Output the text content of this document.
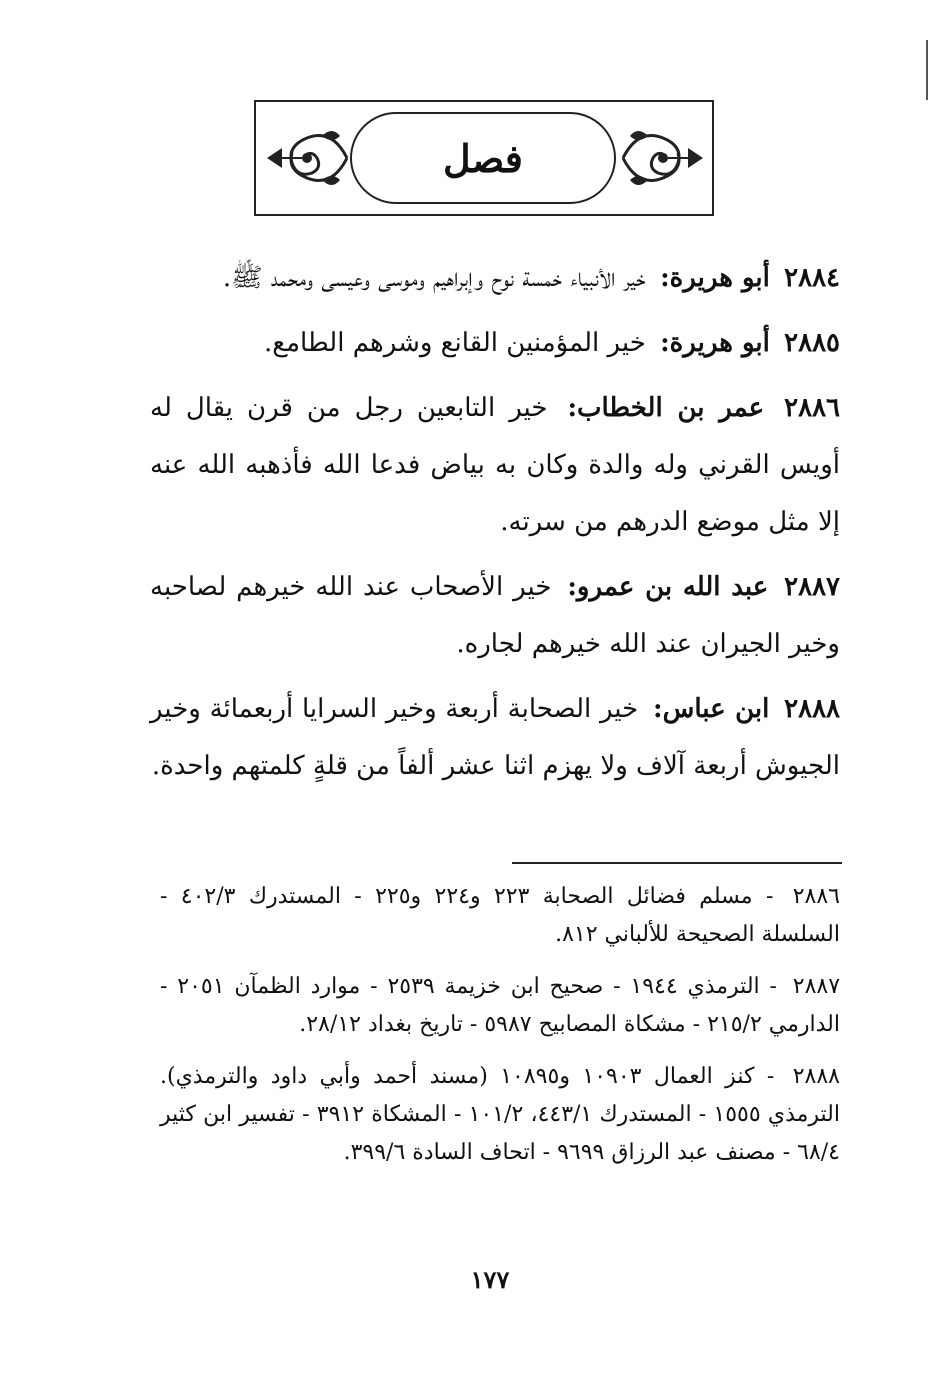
فصل

٢٨٨٤ أبو هريرة: خير الأنبياء خمسة نوح وإبراهيم وموسى وعيسى ومحمد ﷺ.

٢٨٨٥ أبو هريرة: خير المؤمنين القانع وشرهم الطامع.

٢٨٨٦ عمر بن الخطاب: خير التابعين رجل من قرن يقال له أويس القرني وله والدة وكان به بياض فدعا الله فأذهبه الله عنه إلا مثل موضع الدرهم من سرته.

٢٨٨٧ عبد الله بن عمرو: خير الأصحاب عند الله خيرهم لصاحبه وخير الجيران عند الله خيرهم لجاره.

٢٨٨٨ ابن عباس: خير الصحابة أربعة وخير السرايا أربعمائة وخير الجيوش أربعة آلاف ولا يهزم اثنا عشر ألفاً من قلةٍ كلمتهم واحدة.

٢٨٨٦ - مسلم فضائل الصحابة ٢٢٣ و٢٢٤ و٢٢٥ - المستدرك ٤٠٢/٣ - السلسلة الصحيحة للألباني ٨١٢.

٢٨٨٧ - الترمذي ١٩٤٤ - صحيح ابن خزيمة ٢٥٣٩ - موارد الظمآن ٢٠٥١ - الدارمي ٢١٥/٢ - مشكاة المصابيح ٥٩٨٧ - تاريخ بغداد ٢٨/١٢.

٢٨٨٨ - كنز العمال ١٠٩٠٣ و١٠٨٩٥ (مسند أحمد وأبي داود والترمذي). الترمذي ١٥٥٥ - المستدرك ٤٤٣/١، ١٠١/٢ - المشكاة ٣٩١٢ - تفسير ابن كثير ٦٨/٤ - مصنف عبد الرزاق ٩٦٩٩ - اتحاف السادة ٣٩٩/٦.

١٧٧
